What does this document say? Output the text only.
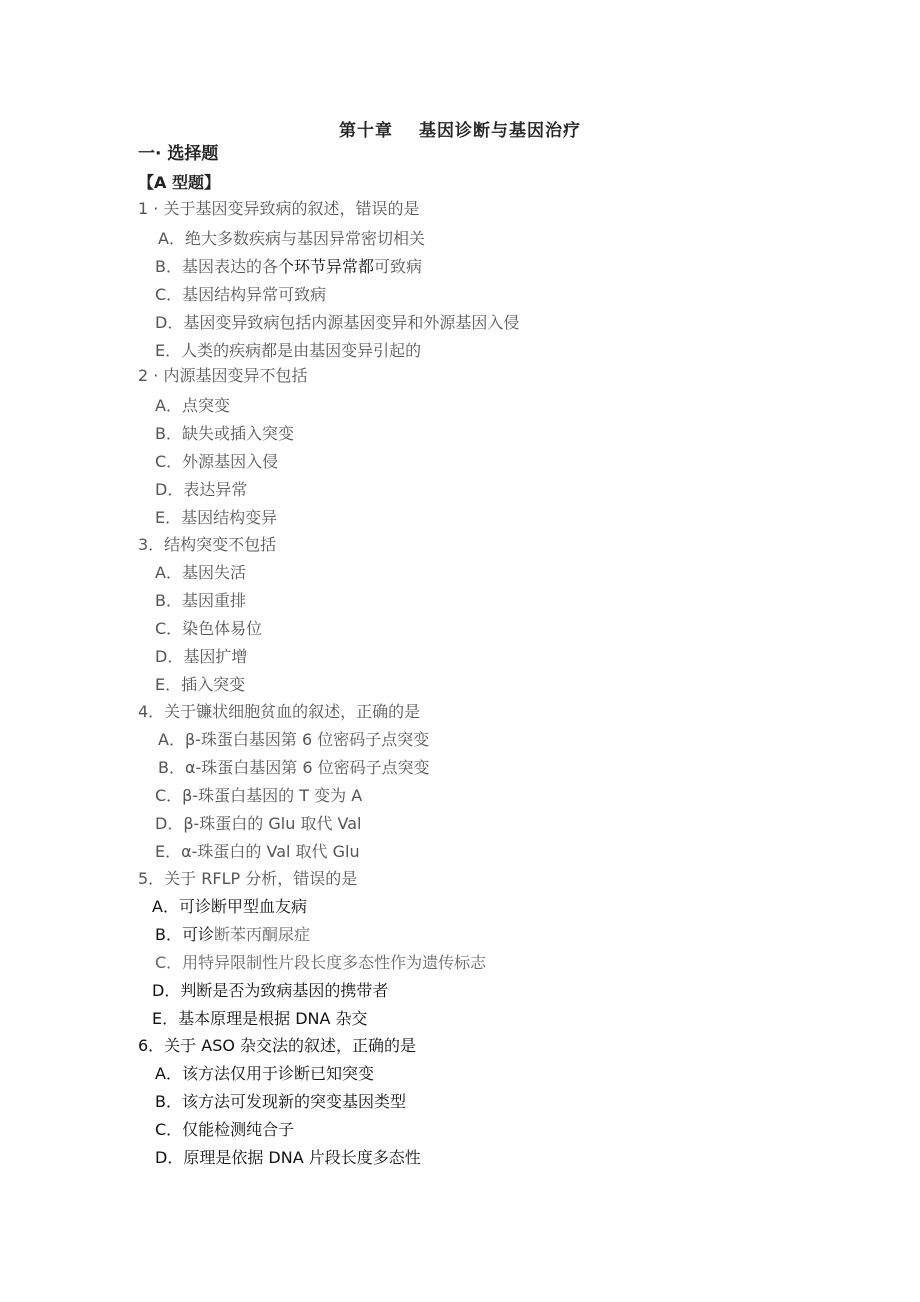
第十章 基因诊断与基因治疗
一· 选择题
【A 型题】
1 · 关于基因变异致病的叙述，错误的是
A．绝大多数疾病与基因异常密切相关
B．基因表达的各个环节异常都可致病
C．基因结构异常可致病
D．基因变异致病包括内源基因变异和外源基因入侵
E．人类的疾病都是由基因变异引起的
2 · 内源基因变异不包括
A．点突变
B．缺失或插入突变
C．外源基因入侵
D．表达异常
E．基因结构变异
3．结构突变不包括
A．基因失活
B．基因重排
C．染色体易位
D．基因扩增
E．插入突变
4．关于镰状细胞贫血的叙述，正确的是
A．β-珠蛋白基因第 6 位密码子点突变
B．α-珠蛋白基因第 6 位密码子点突变
C．β-珠蛋白基因的 T 变为 A
D．β-珠蛋白的 Glu 取代 Val
E．α-珠蛋白的 Val 取代 Glu
5．关于 RFLP 分析，错误的是
A．可诊断甲型血友病
B．可诊断苯丙酮尿症
C．用特异限制性片段长度多态性作为遗传标志
D．判断是否为致病基因的携带者
E．基本原理是根据 DNA 杂交
6．关于 ASO 杂交法的叙述，正确的是
A．该方法仅用于诊断已知突变
B．该方法可发现新的突变基因类型
C．仅能检测纯合子
D．原理是依据 DNA 片段长度多态性
